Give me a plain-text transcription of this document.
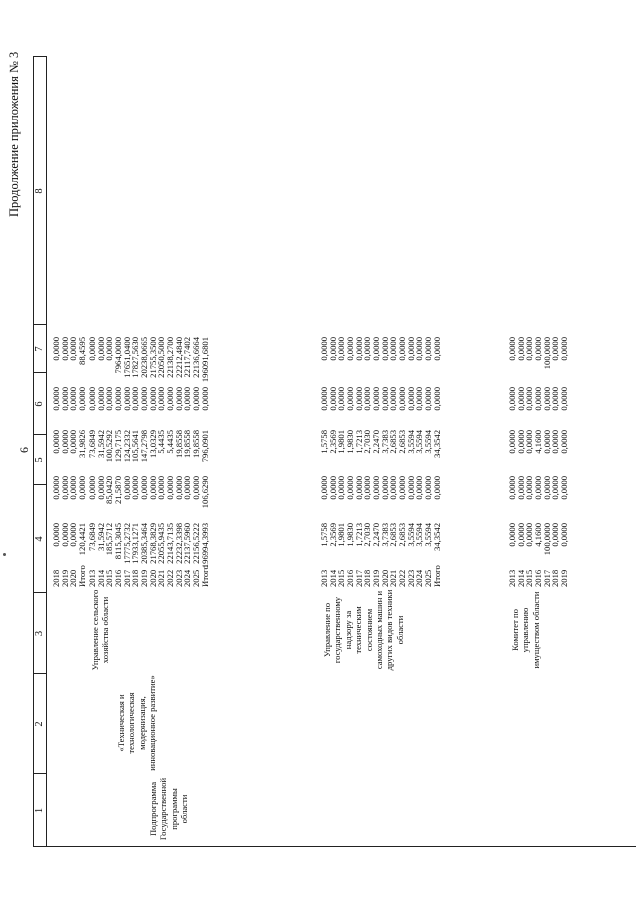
6
Продолжение приложения № 3
1
2
3
4
5
6
7
8
2018
0,0000
0,0000
0,0000
0,0000
0,0000
2019
0,0000
0,0000
0,0000
0,0000
0,0000
2020
0,0000
0,0000
0,0000
0,0000
0,0000
Итого
120,4421
0,0000
31,9826
0,0000
88,4595
2013
73,6849
0,0000
73,6849
0,0000
0,0000
2014
31,5942
0,0000
31,5942
0,0000
0,0000
2015
185,5712
85,0420
100,5292
0,0000
0,0000
2016
8115,3045
21,5870
129,7175
0,0000
7964,0000
2017
17775,2732
0,0000
124,2332
0,0000
17651,0400
2018
17933,1271
0,0000
105,5641
0,0000
17827,5630
2019
20385,3464
0,0000
147,2798
0,0000
20238,0665
2020
21768,3829
0,0000
13,0329
0,0000
21755,3500
2021
22055,9435
0,0000
5,4435
0,0000
22050,5000
2022
22143,7135
0,0000
5,4435
0,0000
22138,2700
2023
22232,3398
0,0000
19,8558
0,0000
22212,4840
2024
22137,5960
0,0000
19,8558
0,0000
22117,7402
2025
22156,5222
0,0000
19,8558
0,0000
22136,6664
Итого
196994,3993
106,6290
796,0901
0,0000
196091,6801
Подпрограмма Государственной программы области
«Техническая и технологическая модернизация, инновационное развитие»
Управление сельского хозяйства области
2013
1,5758
0,0000
1,5758
0,0000
0,0000
2014
2,3569
0,0000
2,3569
0,0000
0,0000
2015
1,9801
0,0000
1,9801
0,0000
0,0000
2016
1,9830
0,0000
1,9830
0,0000
0,0000
2017
1,7213
0,0000
1,7213
0,0000
0,0000
2018
2,7030
0,0000
2,7030
0,0000
0,0000
2019
2,2470
0,0000
2,2470
0,0000
0,0000
2020
3,7383
0,0000
3,7383
0,0000
0,0000
2021
2,6853
0,0000
2,6853
0,0000
0,0000
2022
2,6853
0,0000
2,6853
0,0000
0,0000
2023
3,5594
0,0000
3,5594
0,0000
0,0000
2024
3,5594
0,0000
3,5594
0,0000
0,0000
2025
3,5594
0,0000
3,5594
0,0000
0,0000
Итого
34,3542
0,0000
34,3542
0,0000
0,0000
Управление по государственному надзору за техническим состоянием самоходных машин и других видов техники области
2013
0,0000
0,0000
0,0000
0,0000
0,0000
2014
0,0000
0,0000
0,0000
0,0000
0,0000
2015
0,0000
0,0000
0,0000
0,0000
0,0000
2016
4,1600
0,0000
4,1600
0,0000
0,0000
2017
100,0000
0,0000
0,0000
0,0000
100,0000
2018
0,0000
0,0000
0,0000
0,0000
0,0000
2019
0,0000
0,0000
0,0000
0,0000
0,0000
Комитет по управлению имуществом области
